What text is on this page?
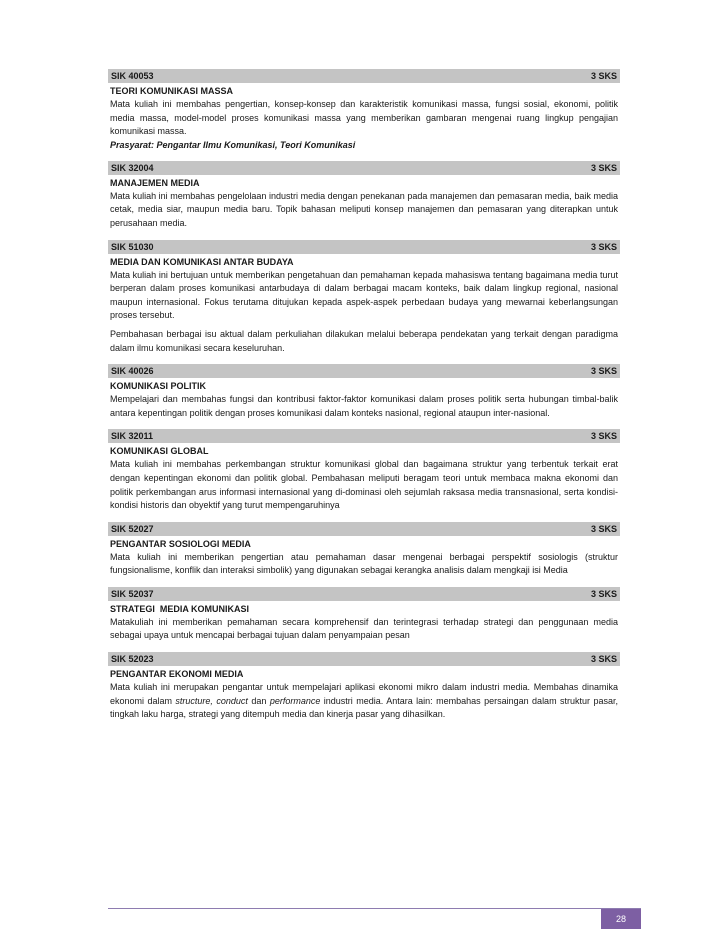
SIK 40053	3 SKS
TEORI KOMUNIKASI MASSA

Mata kuliah ini membahas pengertian, konsep-konsep dan karakteristik komunikasi massa, fungsi sosial, ekonomi, politik media massa, model-model proses komunikasi massa yang memberikan gambaran mengenai ruang lingkup pengajian komunikasi massa.

Prasyarat: Pengantar Ilmu Komunikasi, Teori Komunikasi
SIK 32004	3 SKS
MANAJEMEN MEDIA

Mata kuliah ini membahas pengelolaan industri media dengan penekanan pada manajemen dan pemasaran media, baik media cetak, media siar, maupun media baru. Topik bahasan meliputi konsep manajemen dan pemasaran yang diterapkan untuk perusahaan media.

SIK 51030	3 SKS
MEDIA DAN KOMUNIKASI ANTAR BUDAYA

Mata kuliah ini bertujuan untuk memberikan pengetahuan dan pemahaman kepada mahasiswa tentang bagaimana media turut berperan dalam proses komunikasi antarbudaya di dalam berbagai macam konteks, baik dalam lingkup regional, nasional maupun internasional. Fokus terutama ditujukan kepada aspek-aspek perbedaan budaya yang mewarnai keberlangsungan proses tersebut.

Pembahasan berbagai isu aktual dalam perkuliahan dilakukan melalui beberapa pendekatan yang terkait dengan paradigma dalam ilmu komunikasi secara keseluruhan.

SIK 40026	3 SKS
KOMUNIKASI POLITIK

Mempelajari dan membahas fungsi dan kontribusi faktor-faktor komunikasi dalam proses politik serta hubungan timbal-balik antara kepentingan politik dengan proses komunikasi dalam konteks nasional, regional ataupun inter-nasional.

SIK 32011	3 SKS
KOMUNIKASI GLOBAL

Mata kuliah ini membahas perkembangan struktur komunikasi global dan bagaimana struktur yang terbentuk terkait erat dengan kepentingan ekonomi dan politik global. Pembahasan meliputi beragam teori untuk membaca makna ekonomi dan politik perkembangan arus informasi internasional yang di-dominasi oleh sejumlah raksasa media transnasional, serta kondisi-kondisi historis dan obyektif yang turut mempengaruhinya

SIK 52027	3 SKS
PENGANTAR SOSIOLOGI MEDIA

Mata kuliah ini memberikan pengertian atau pemahaman dasar mengenai berbagai perspektif sosiologis (struktur fungsionalisme, konflik dan interaksi simbolik) yang digunakan sebagai kerangka analisis dalam mengkaji isi Media

SIK 52037	3 SKS
STRATEGI  MEDIA KOMUNIKASI

Matakuliah ini memberikan pemahaman secara komprehensif dan terintegrasi terhadap strategi dan penggunaan media sebagai upaya untuk mencapai berbagai tujuan dalam penyampaian pesan

SIK 52023	3 SKS
PENGANTAR EKONOMI MEDIA

Mata kuliah ini merupakan pengantar untuk mempelajari aplikasi ekonomi mikro dalam industri media. Membahas dinamika ekonomi dalam structure, conduct dan performance industri media. Antara lain: membahas persaingan dalam struktur pasar, tingkah laku harga, strategi yang ditempuh media dan kinerja pasar yang dihasilkan.

28
